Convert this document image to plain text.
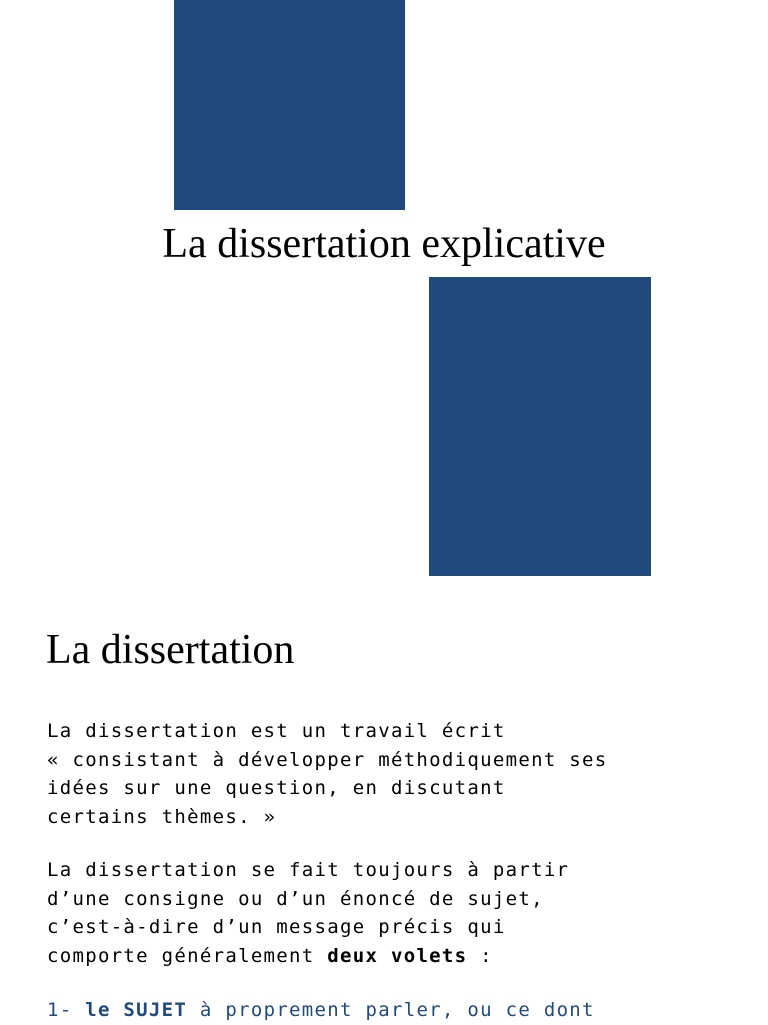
La dissertation explicative
La dissertation
La dissertation est un travail écrit
« consistant à développer méthodiquement ses
idées sur une question, en discutant
certains thèmes. »
La dissertation se fait toujours à partir
d’une consigne ou d’un énoncé de sujet,
c’est-à-dire d’un message précis qui
comporte généralement deux volets :
1- le SUJET à proprement parler, ou ce dont
